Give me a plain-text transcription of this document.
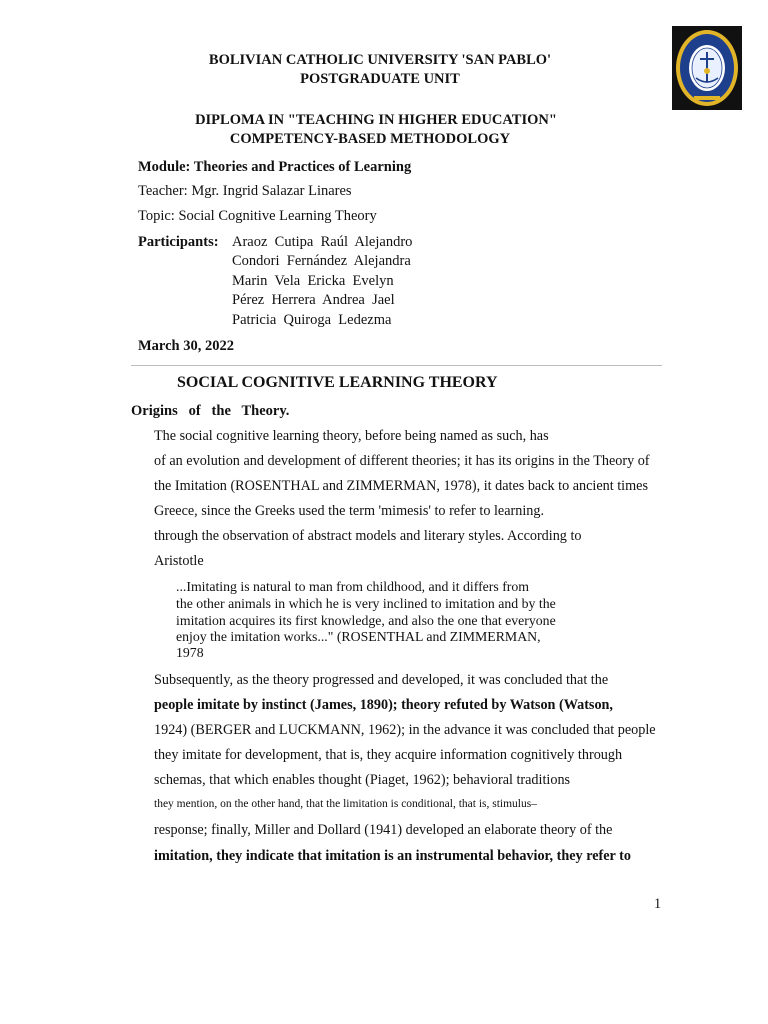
BOLIVIAN CATHOLIC UNIVERSITY 'SAN PABLO'
POSTGRADUATE UNIT
DIPLOMA IN "TEACHING IN HIGHER EDUCATION"
COMPETENCY-BASED METHODOLOGY
Module: Theories and Practices of Learning
Teacher: Mgr. Ingrid Salazar Linares
Topic: Social Cognitive Learning Theory
Participants: Araoz  Cutipa  Raúl  Alejandro
Condori  Fernández  Alejandra
Marin  Vela  Ericka  Evelyn
Pérez  Herrera  Andrea  Jael
Patricia  Quiroga  Ledezma
March 30, 2022
SOCIAL COGNITIVE LEARNING THEORY
Origins   of   the   Theory.
The social cognitive learning theory, before being named as such, has
of an evolution and development of different theories; it has its origins in the Theory of
the Imitation (ROSENTHAL and ZIMMERMAN, 1978), it dates back to ancient times
Greece, since the Greeks used the term 'mimesis' to refer to learning.
through the observation of abstract models and literary styles. According to
Aristotle
...Imitating is natural to man from childhood, and it differs from
the other animals in which he is very inclined to imitation and by the
imitation acquires its first knowledge, and also the one that everyone
enjoy the imitation works..." (ROSENTHAL and ZIMMERMAN,
1978
Subsequently, as the theory progressed and developed, it was concluded that the
people imitate by instinct (James, 1890); theory refuted by Watson (Watson,
1924) (BERGER and LUCKMANN, 1962); in the advance it was concluded that people
they imitate for development, that is, they acquire information cognitively through
schemas, that which enables thought (Piaget, 1962); behavioral traditions
they mention, on the other hand, that the limitation is conditional, that is, stimulus–
response; finally, Miller and Dollard (1941) developed an elaborate theory of the
imitation, they indicate that imitation is an instrumental behavior, they refer to
1
